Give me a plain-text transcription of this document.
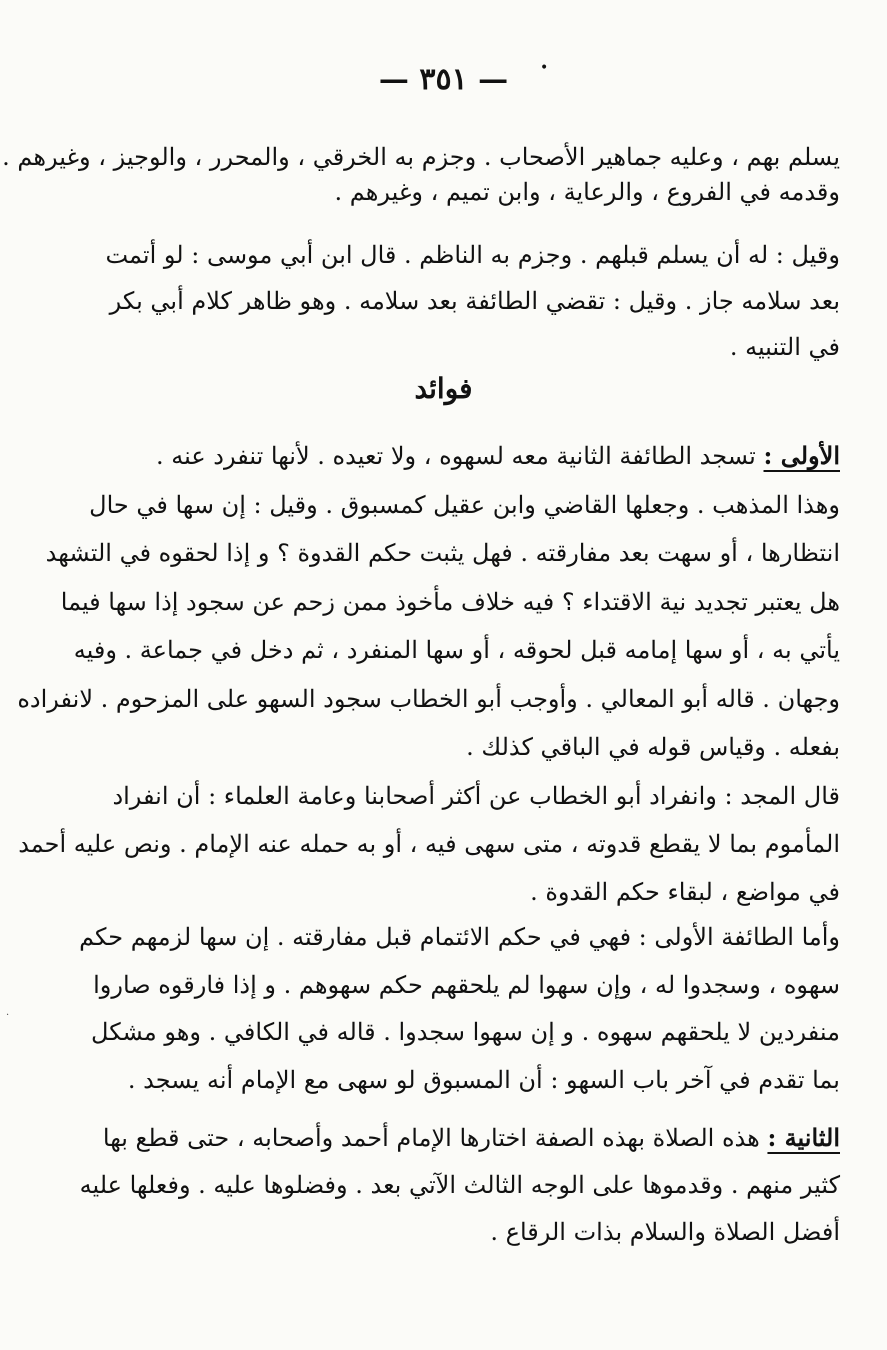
— ٣٥١ —	•
يسلم بهم ، وعليه جماهير الأصحاب . وجزم به الخرقي ، والمحرر ، والوجيز ، وغيرهم .
وقدمه في الفروع ، والرعاية ، وابن تميم ، وغيرهم .
وقيل : له أن يسلم قبلهم . وجزم به الناظم . قال ابن أبي موسى : لو أتمت
بعد سلامه جاز . وقيل : تقضي الطائفة بعد سلامه . وهو ظاهر كلام أبي بكر
في التنبيه .
فوائد
الأولى : تسجد الطائفة الثانية معه لسهوه ، ولا تعيده . لأنها تنفرد عنه .
وهذا المذهب . وجعلها القاضي وابن عقيل كمسبوق . وقيل : إن سها في حال
انتظارها ، أو سهت بعد مفارقته . فهل يثبت حكم القدوة ؟ و إذا لحقوه في التشهد
هل يعتبر تجديد نية الاقتداء ؟ فيه خلاف مأخوذ ممن زحم عن سجود إذا سها فيما
يأتي به ، أو سها إمامه قبل لحوقه ، أو سها المنفرد ، ثم دخل في جماعة . وفيه
وجهان . قاله أبو المعالي . وأوجب أبو الخطاب سجود السهو على المزحوم . لانفراده
بفعله . وقياس قوله في الباقي كذلك .
قال المجد : وانفراد أبو الخطاب عن أكثر أصحابنا وعامة العلماء : أن انفراد
المأموم بما لا يقطع قدوته ، متى سهى فيه ، أو به حمله عنه الإمام . ونص عليه أحمد
في مواضع ، لبقاء حكم القدوة .
وأما الطائفة الأولى : فهي في حكم الائتمام قبل مفارقته . إن سها لزمهم حكم
سهوه ، وسجدوا له ، وإن سهوا لم يلحقهم حكم سهوهم . و إذا فارقوه صاروا
منفردين لا يلحقهم سهوه . و إن سهوا سجدوا . قاله في الكافي . وهو مشكل
بما تقدم في آخر باب السهو : أن المسبوق لو سهى مع الإمام أنه يسجد .
الثانية : هذه الصلاة بهذه الصفة اختارها الإمام أحمد وأصحابه ، حتى قطع بها
كثير منهم . وقدموها على الوجه الثالث الآتي بعد . وفضلوها عليه . وفعلها عليه
أفضل الصلاة والسلام بذات الرقاع .
·
